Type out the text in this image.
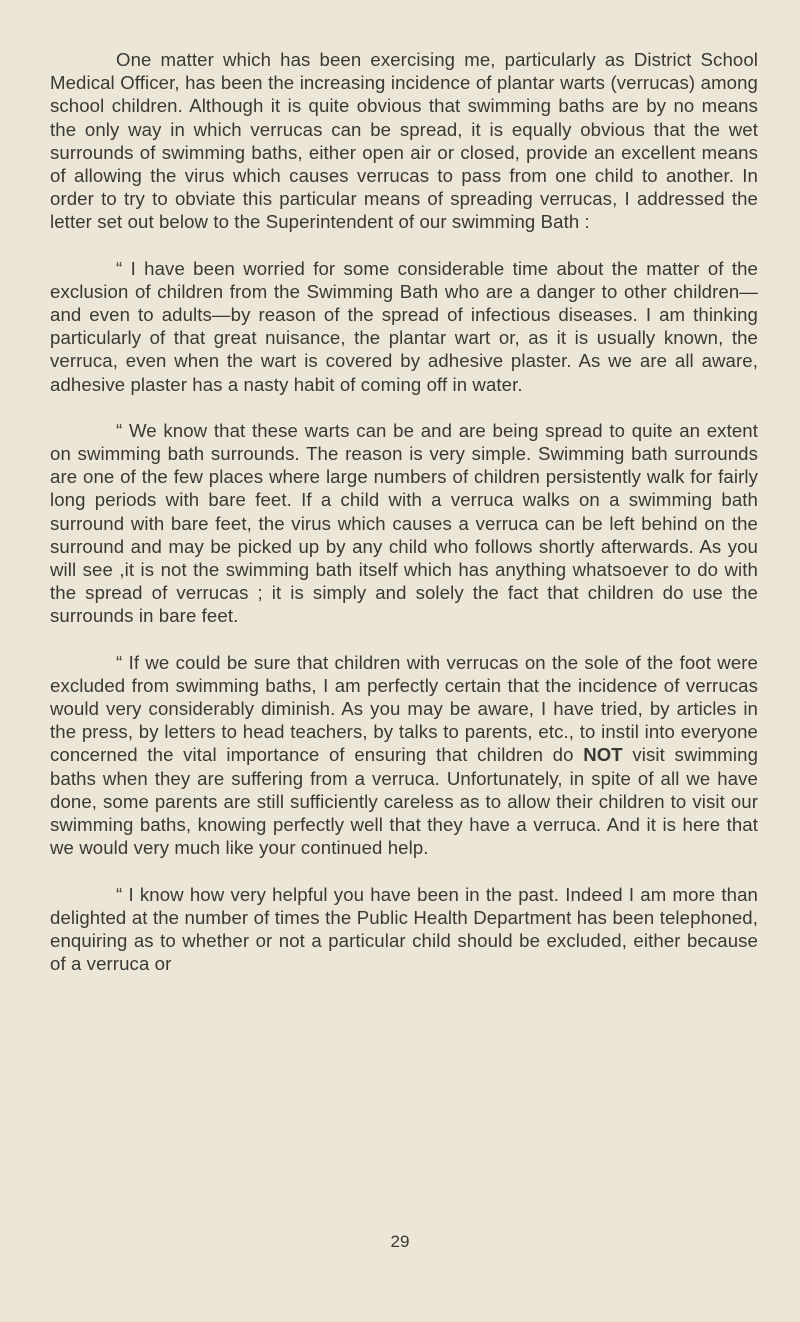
One matter which has been exercising me, particularly as District School Medical Officer, has been the increasing incidence of plantar warts (verrucas) among school children. Although it is quite obvious that swimming baths are by no means the only way in which verrucas can be spread, it is equally obvious that the wet surrounds of swimming baths, either open air or closed, provide an excellent means of allowing the virus which causes verrucas to pass from one child to another. In order to try to obviate this particular means of spreading verrucas, I addressed the letter set out below to the Superintendent of our swimming Bath :

“ I have been worried for some considerable time about the matter of the exclusion of children from the Swimming Bath who are a danger to other children—and even to adults—by reason of the spread of infectious diseases. I am thinking particularly of that great nuisance, the plantar wart or, as it is usually known, the verruca, even when the wart is covered by adhesive plaster. As we are all aware, adhesive plaster has a nasty habit of coming off in water.

“ We know that these warts can be and are being spread to quite an extent on swimming bath surrounds. The reason is very simple. Swimming bath surrounds are one of the few places where large numbers of children persistently walk for fairly long periods with bare feet. If a child with a verruca walks on a swimming bath surround with bare feet, the virus which causes a verruca can be left behind on the surround and may be picked up by any child who follows shortly afterwards. As you will see ,it is not the swimming bath itself which has anything whatsoever to do with the spread of verrucas ; it is simply and solely the fact that children do use the surrounds in bare feet.

“ If we could be sure that children with verrucas on the sole of the foot were excluded from swimming baths, I am perfectly certain that the incidence of verrucas would very considerably diminish. As you may be aware, I have tried, by articles in the press, by letters to head teachers, by talks to parents, etc., to instil into everyone concerned the vital importance of ensuring that children do NOT visit swimming baths when they are suffering from a verruca. Unfortunately, in spite of all we have done, some parents are still sufficiently careless as to allow their children to visit our swimming baths, knowing perfectly well that they have a verruca. And it is here that we would very much like your continued help.

“ I know how very helpful you have been in the past. Indeed I am more than delighted at the number of times the Public Health Department has been telephoned, enquiring as to whether or not a particular child should be excluded, either because of a verruca or

29
